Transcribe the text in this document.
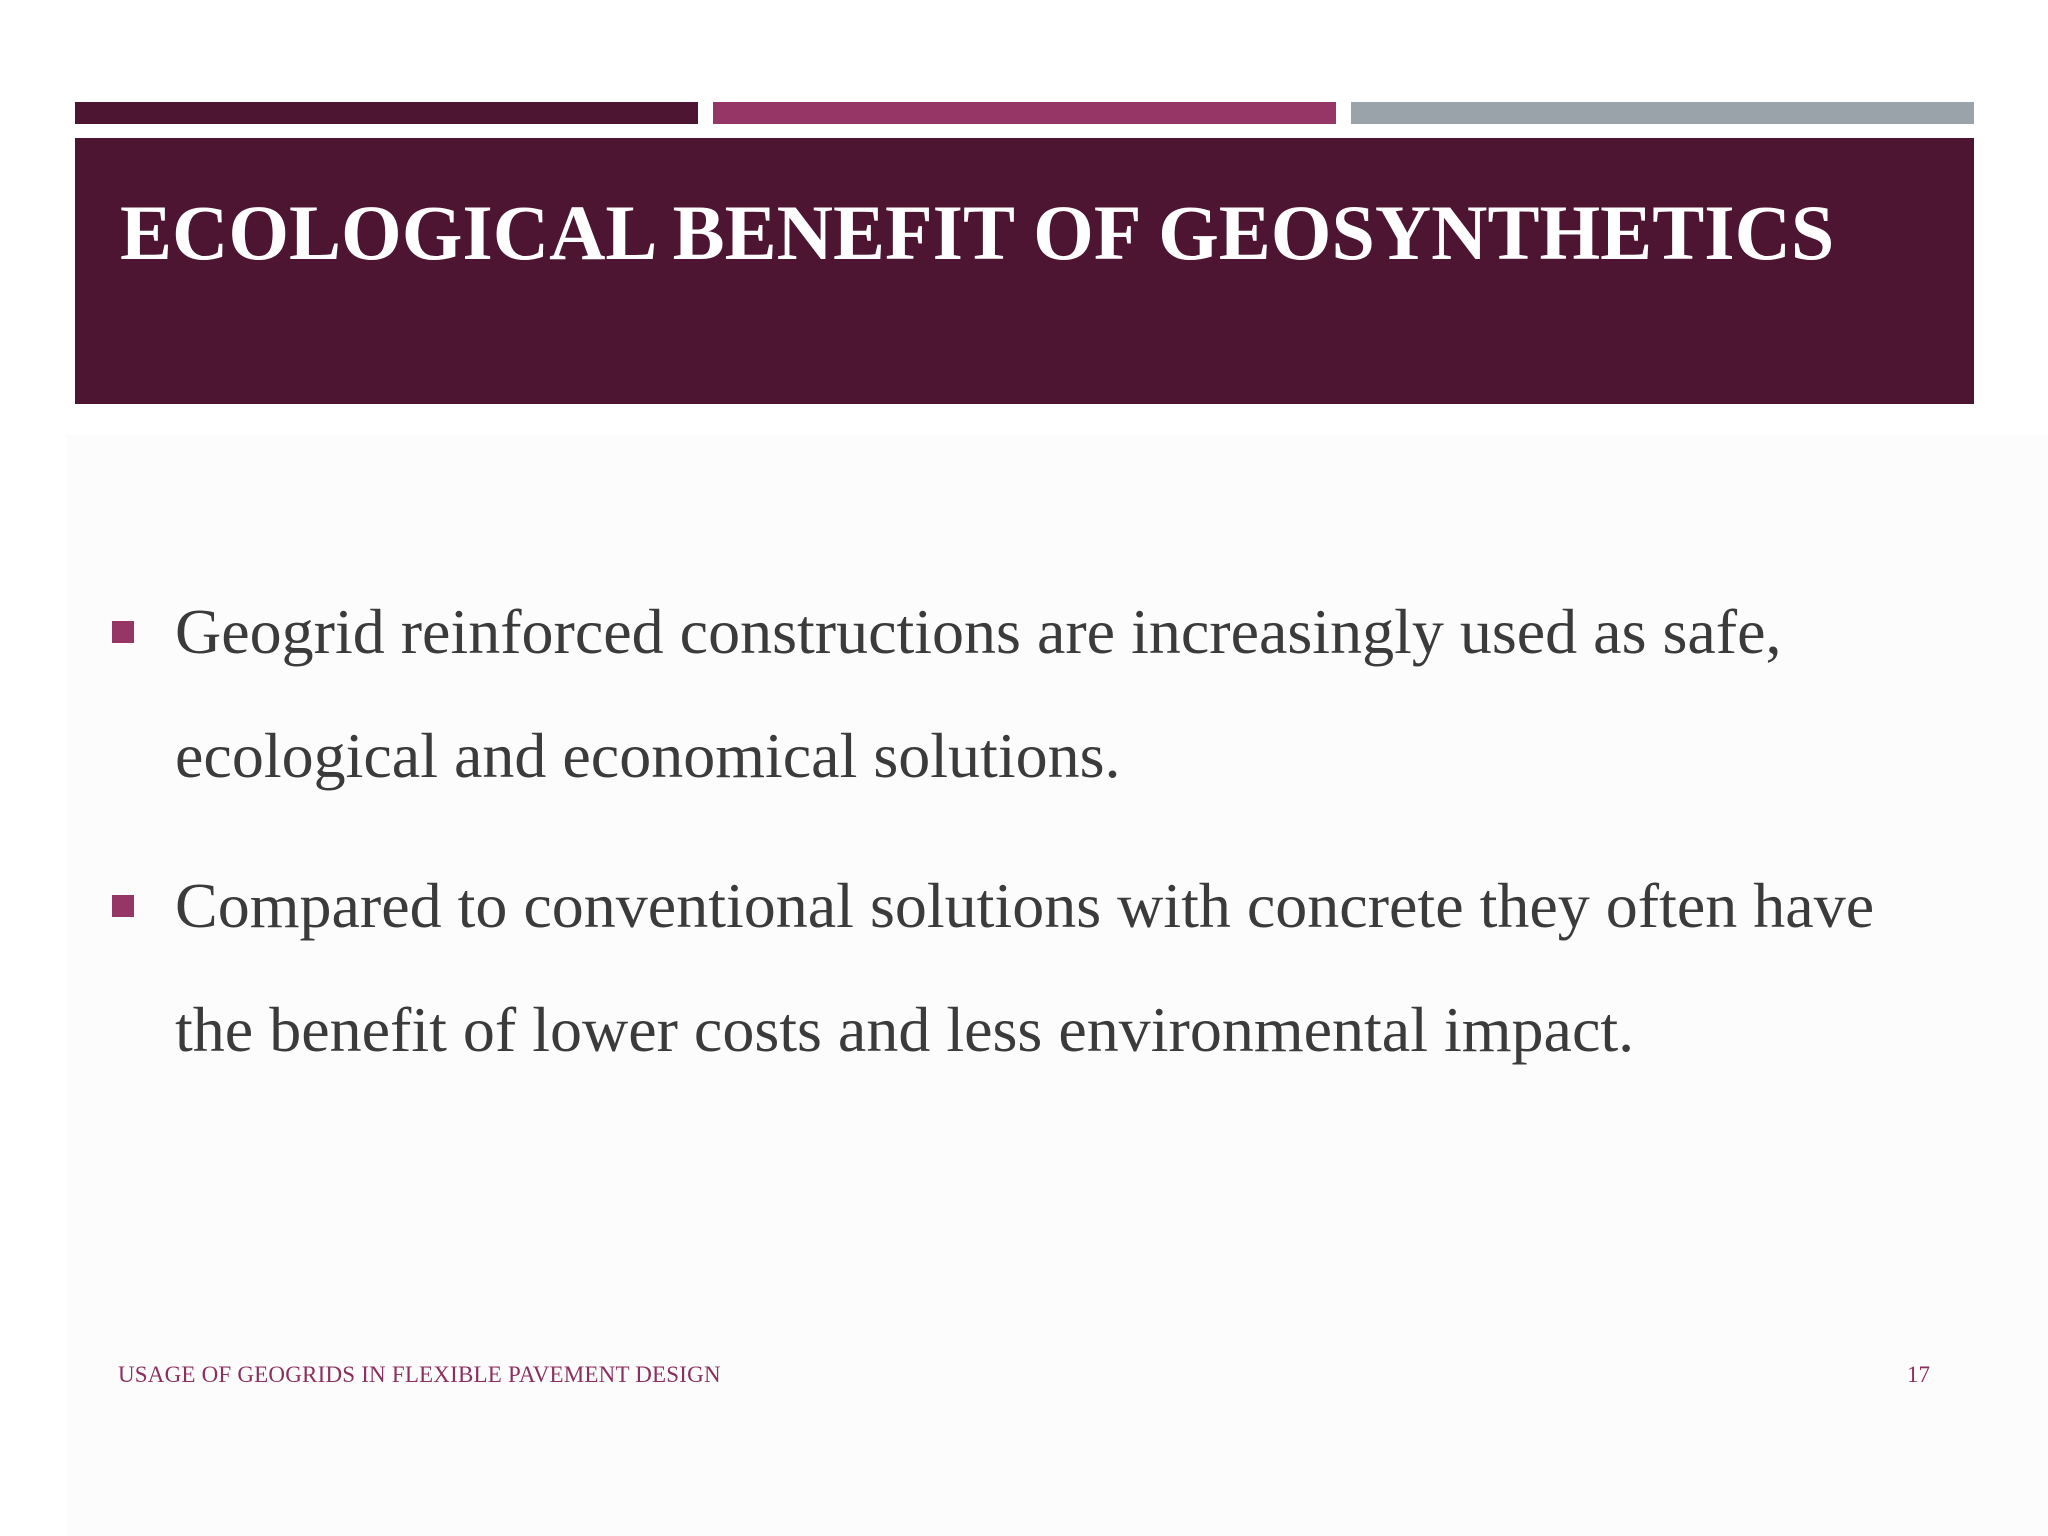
ECOLOGICAL BENEFIT OF GEOSYNTHETICS
Geogrid reinforced constructions are increasingly used as safe, ecological and economical solutions.
Compared to conventional solutions with concrete they often have the benefit of lower costs and less environmental impact.
USAGE OF GEOGRIDS IN FLEXIBLE PAVEMENT DESIGN	17
